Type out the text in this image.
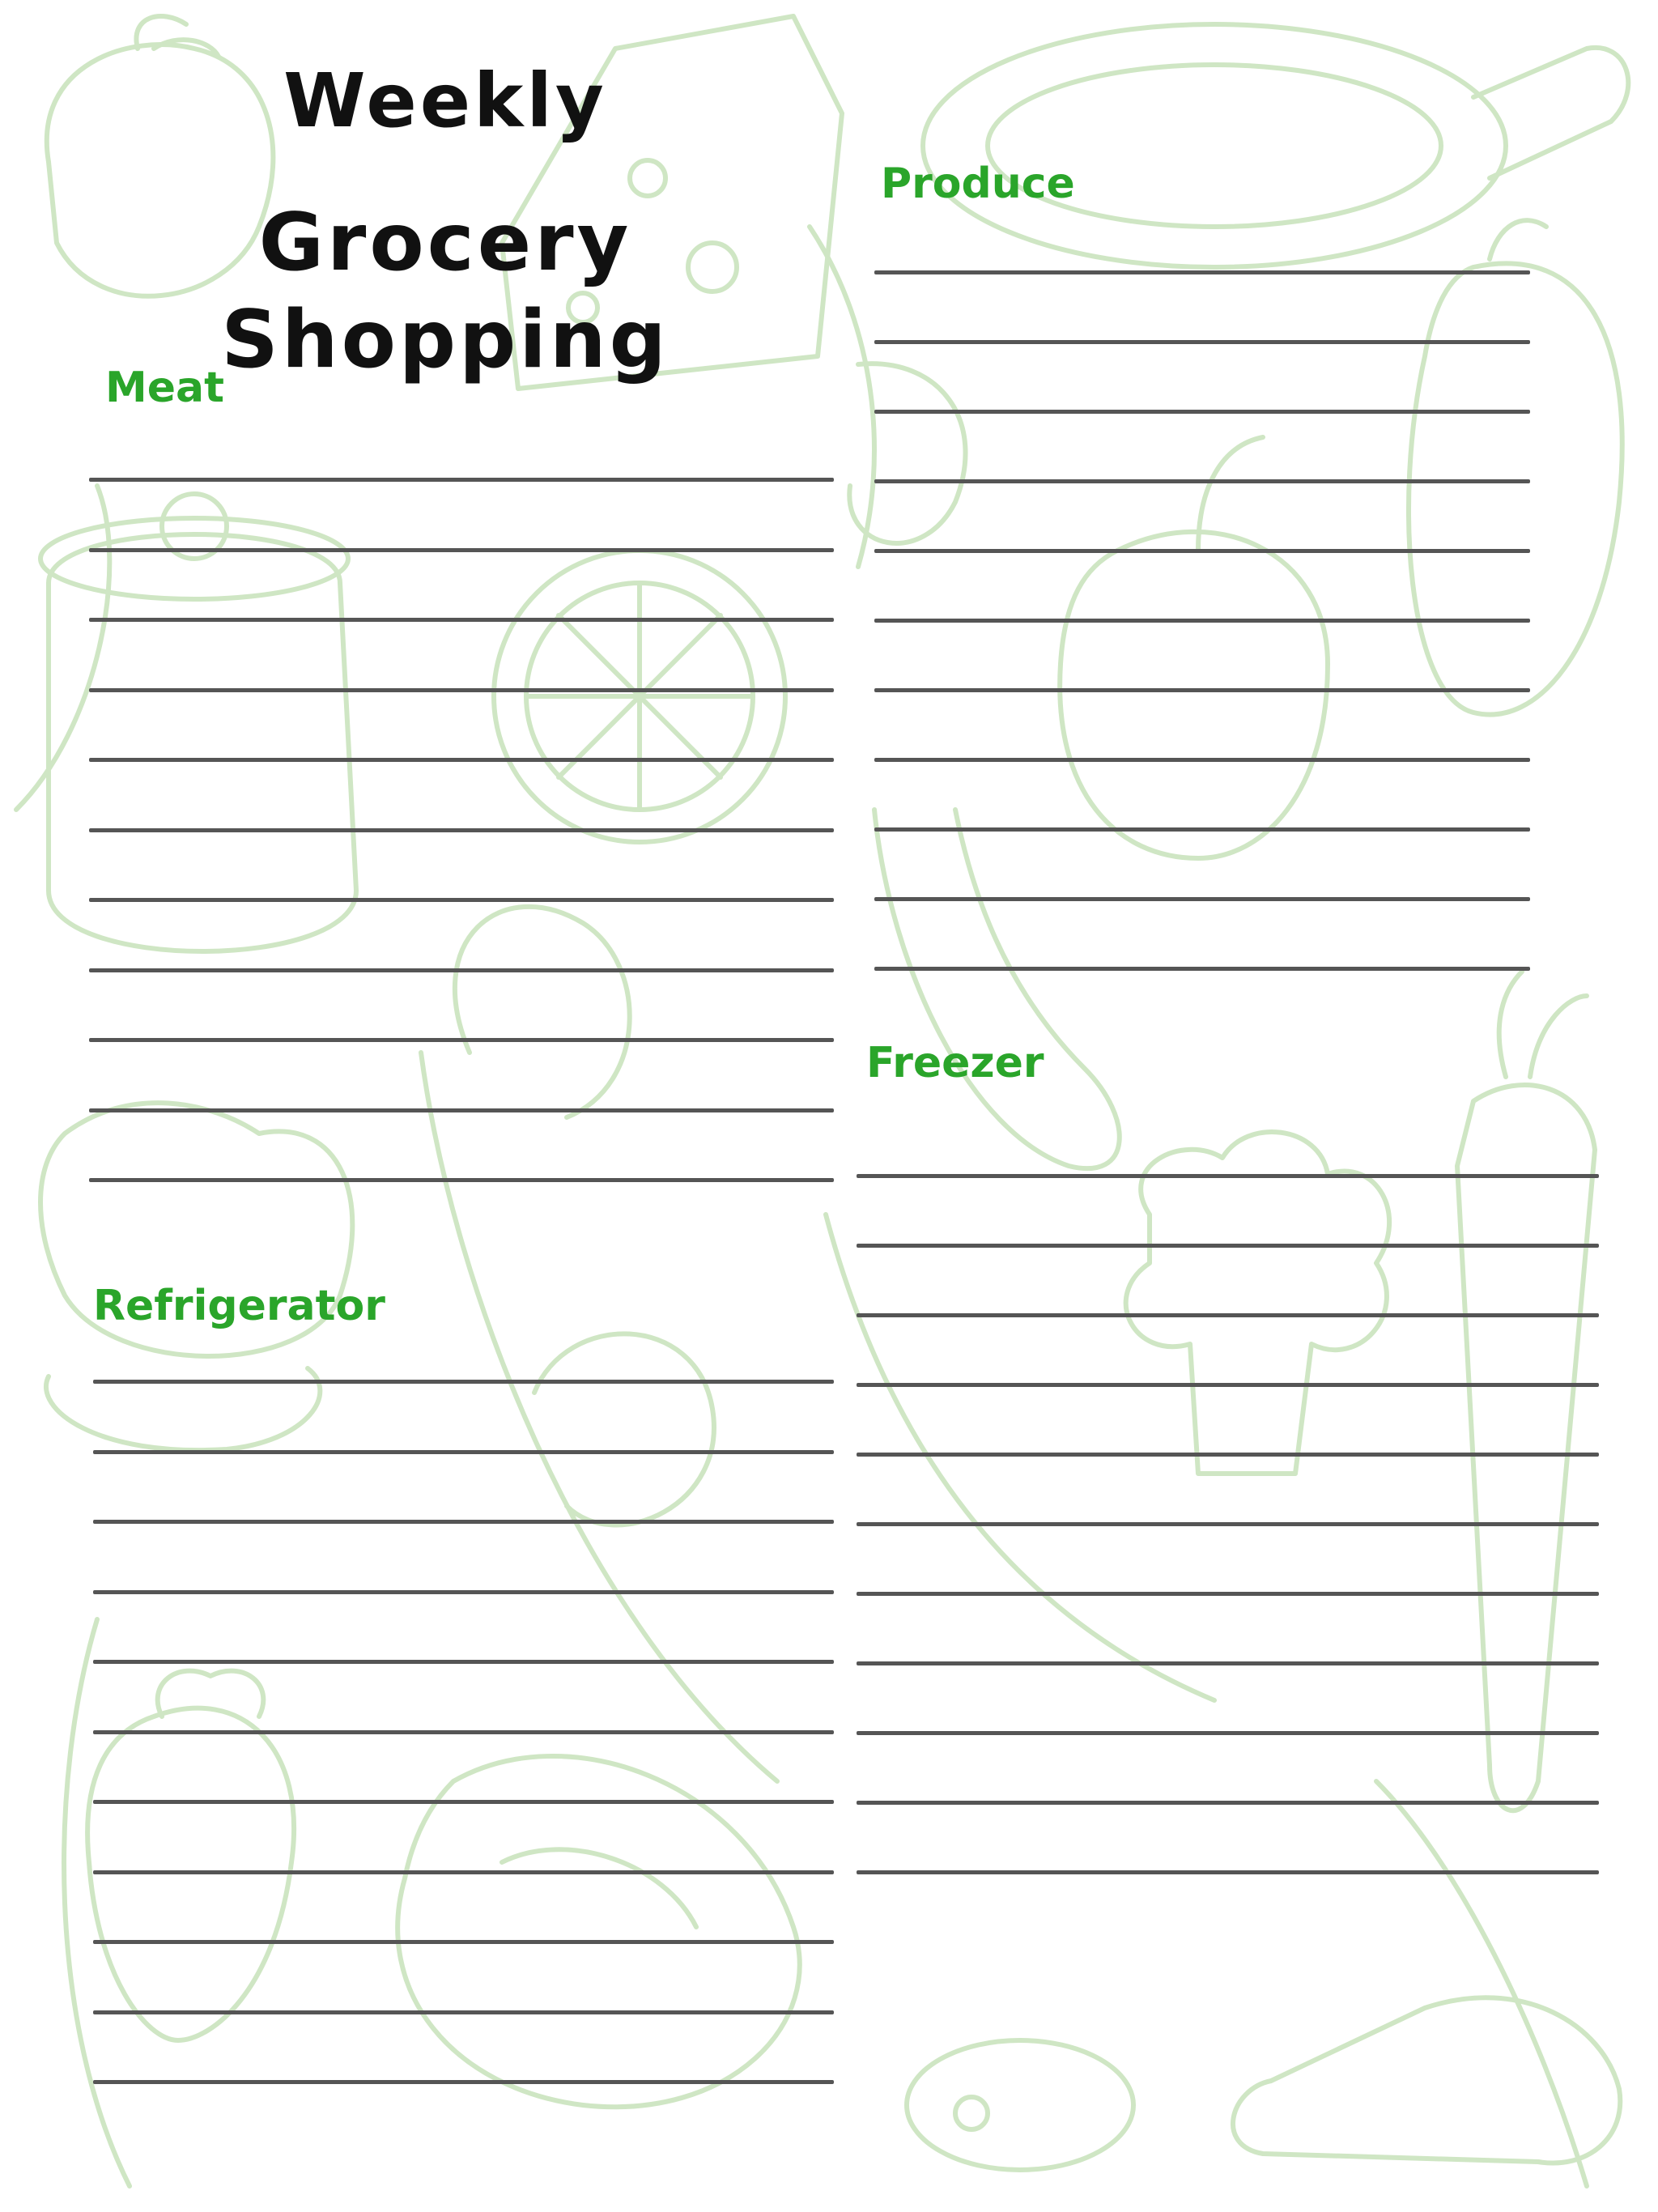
Weekly
Grocery Shopping
Meat
Produce
Freezer
Refrigerator
